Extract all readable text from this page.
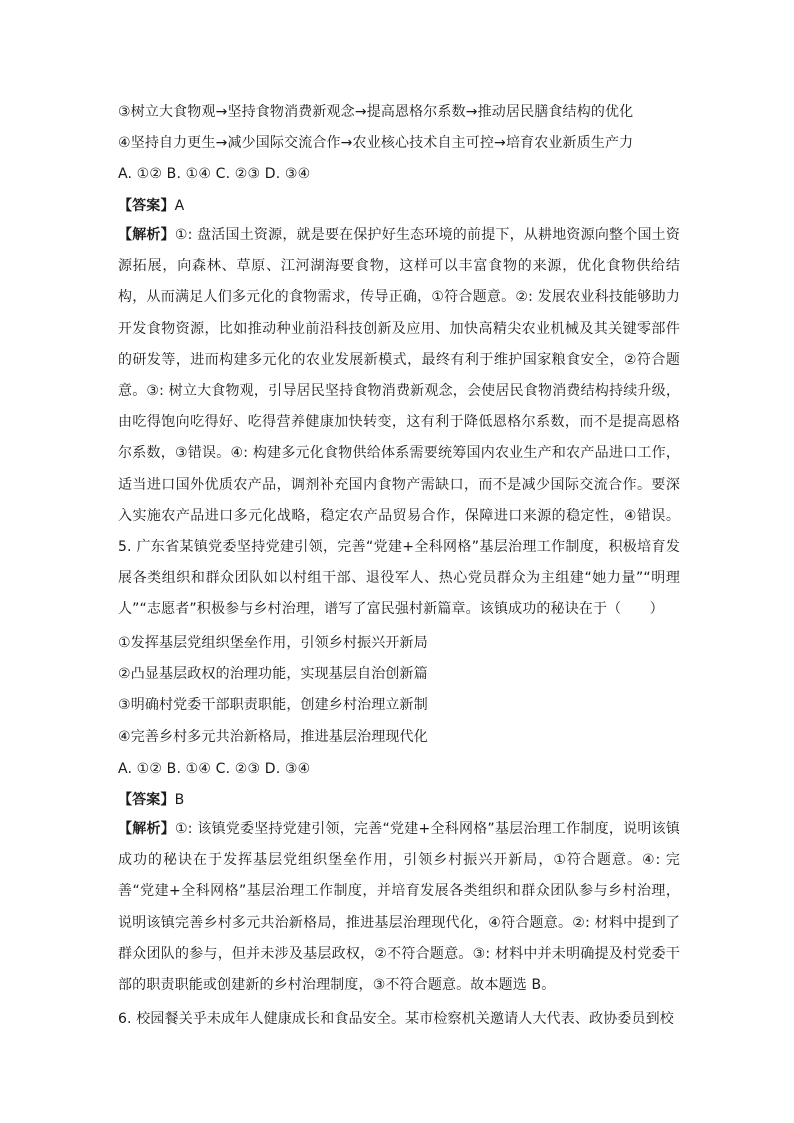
③树立大食物观→坚持食物消费新观念→提高恩格尔系数→推动居民膳食结构的优化
④坚持自力更生→减少国际交流合作→农业核心技术自主可控→培育农业新质生产力
A. ①② B. ①④ C. ②③ D. ③④
【答案】A
【解析】①: 盘活国土资源，就是要在保护好生态环境的前提下，从耕地资源向整个国土资源拓展，向森林、草原、江河湖海要食物，这样可以丰富食物的来源，优化食物供给结构，从而满足人们多元化的食物需求，传导正确，①符合题意。②: 发展农业科技能够助力开发食物资源，比如推动种业前沿科技创新及应用、加快高精尖农业机械及其关键零部件的研发等，进而构建多元化的农业发展新模式，最终有利于维护国家粮食安全，②符合题意。③: 树立大食物观，引导居民坚持食物消费新观念，会使居民食物消费结构持续升级，由吃得饱向吃得好、吃得营养健康加快转变，这有利于降低恩格尔系数，而不是提高恩格尔系数，③错误。④: 构建多元化食物供给体系需要统筹国内农业生产和农产品进口工作，适当进口国外优质农产品，调剂补充国内食物产需缺口，而不是减少国际交流合作。要深入实施农产品进口多元化战略，稳定农产品贸易合作，保障进口来源的稳定性，④错误。
5. 广东省某镇党委坚持党建引领，完善“党建+全科网格”基层治理工作制度，积极培育发展各类组织和群众团队如以村组干部、退役军人、热心党员群众为主组建“她力量”“明理人”“志愿者”积极参与乡村治理，谱写了富民强村新篇章。该镇成功的秘诀在于（　　）
①发挥基层党组织堡垒作用，引领乡村振兴开新局
②凸显基层政权的治理功能，实现基层自治创新篇
③明确村党委干部职责职能，创建乡村治理立新制
④完善乡村多元共治新格局，推进基层治理现代化
A. ①② B. ①④ C. ②③ D. ③④
【答案】B
【解析】①: 该镇党委坚持党建引领，完善“党建+全科网格”基层治理工作制度，说明该镇成功的秘诀在于发挥基层党组织堡垒作用，引领乡村振兴开新局，①符合题意。④: 完善“党建+全科网格”基层治理工作制度，并培育发展各类组织和群众团队参与乡村治理，说明该镇完善乡村多元共治新格局，推进基层治理现代化，④符合题意。②: 材料中提到了群众团队的参与，但并未涉及基层政权，②不符合题意。③: 材料中并未明确提及村党委干部的职责职能或创建新的乡村治理制度，③不符合题意。故本题选 B。
6. 校园餐关乎未成年人健康成长和食品安全。某市检察机关邀请人大代表、政协委员到校
